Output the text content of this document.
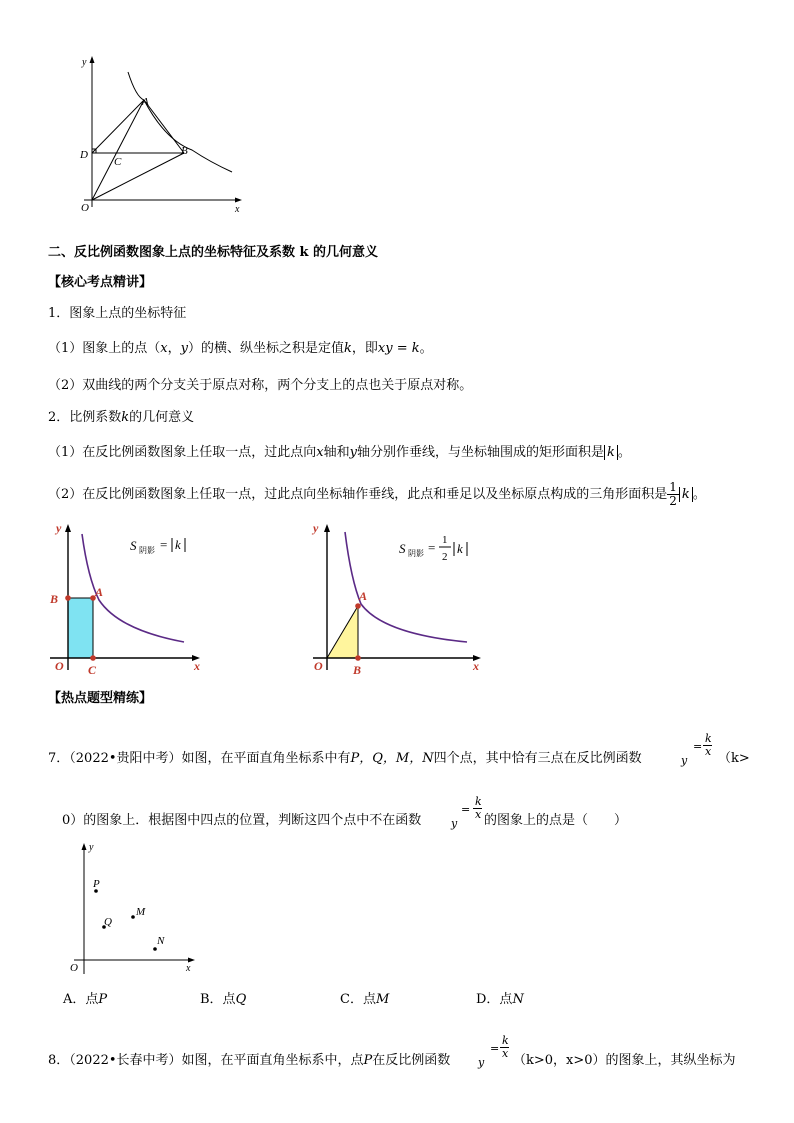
y
x
O
A
B
C
D
二、反比例函数图象上点的坐标特征及系数 k 的几何意义
【核心考点精讲】
1．图象上点的坐标特征
（1）图象上的点（x，y）的横、纵坐标之积是定值k，即xy = k。
（2）双曲线的两个分支关于原点对称，两个分支上的点也关于原点对称。
2．比例系数k的几何意义
（1）在反比例函数图象上任取一点，过此点向x轴和y轴分别作垂线，与坐标轴围成的矩形面积是 k 。
（2）在反比例函数图象上任取一点，过此点向坐标轴作垂线，此点和垂足以及坐标原点构成的三角形面积是 $\frac{1}{2}$ k 。
y
x
O
A
B
C
S 阴影 = k
y
x
O
A
B
S 阴影 = 1
2
k
【热点题型精练】
7．（2022•贵阳中考）如图，在平面直角坐标系中有P，Q，M，N四个点，其中恰有三点在反比例函数	y
=
k
x （k>
0）的图象上．根据图中四点的位置，判断这四个点中不在函数	y
=
k
x 的图象上的点是（　　）
y
x
O
P
Q
M
N
A．点P	B．点Q	C．点M	D．点N
8．（2022•长春中考）如图，在平面直角坐标系中，点P在反比例函数	y
=
k
x （k>0，x>0）的图象上，其纵坐标为
